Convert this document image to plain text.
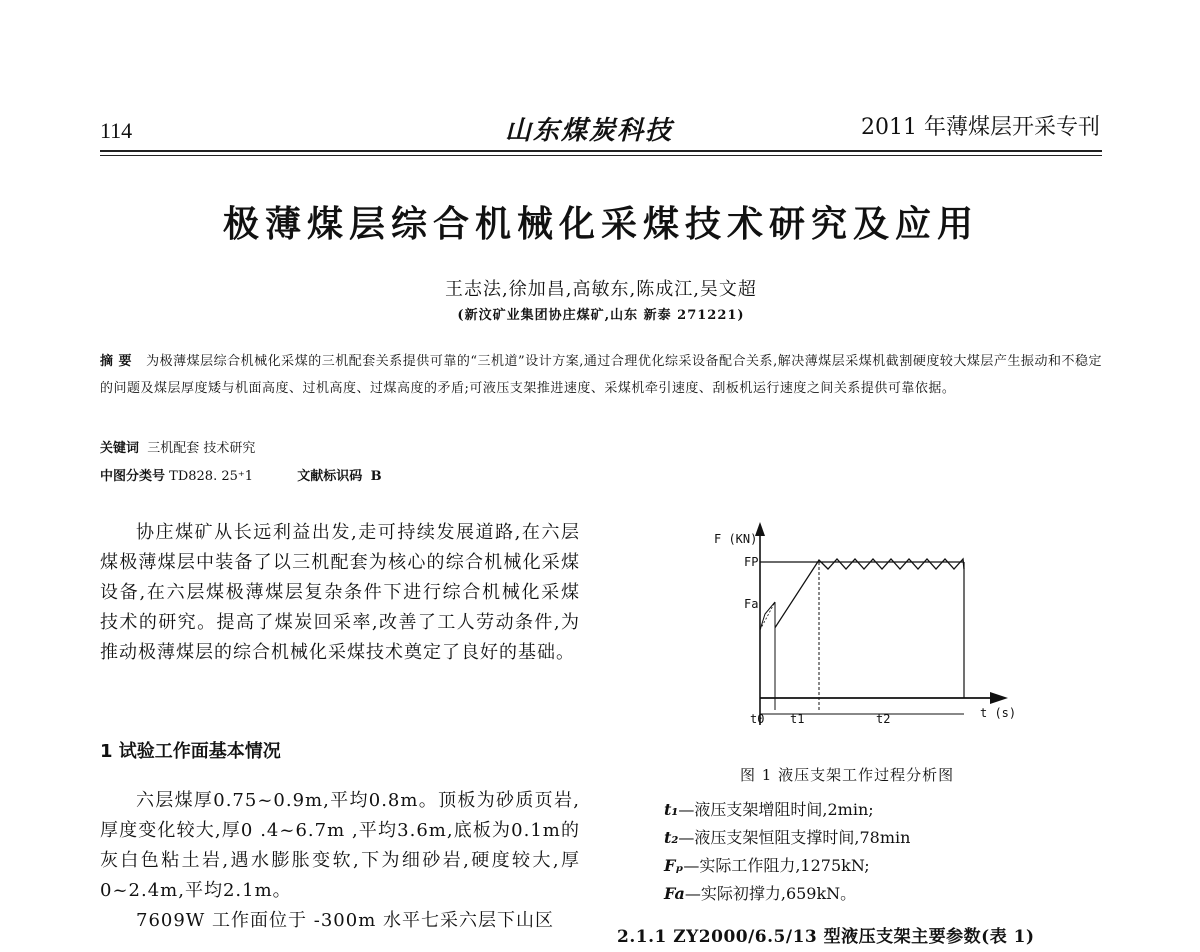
114	山东煤炭科技	2011 年薄煤层开采专刊
极薄煤层综合机械化采煤技术研究及应用
王志法,徐加昌,高敏东,陈成江,吴文超
(新汶矿业集团协庄煤矿,山东 新泰 271221)
摘 要 为极薄煤层综合机械化采煤的三机配套关系提供可靠的“三机道”设计方案,通过合理优化综采设备配合关系,解决薄煤层采煤机截割硬度较大煤层产生振动和不稳定的问题及煤层厚度矮与机面高度、过机高度、过煤高度的矛盾;可液压支架推进速度、采煤机牵引速度、刮板机运行速度之间关系提供可靠依据。
关键词 三机配套 技术研究
中图分类号 TD828. 25⁺1	文献标识码 B

协庄煤矿从长远利益出发,走可持续发展道路,在六层煤极薄煤层中装备了以三机配套为核心的综合机械化采煤设备,在六层煤极薄煤层复杂条件下进行综合机械化采煤技术的研究。提高了煤炭回采率,改善了工人劳动条件,为推动极薄煤层的综合机械化采煤技术奠定了良好的基础。

1 试验工作面基本情况

六层煤厚0.75~0.9m,平均0.8m。顶板为砂质页岩,厚度变化较大,厚0 .4~6.7m ,平均3.6m,底板为0.1m的灰白色粘土岩,遇水膨胀变软,下为细砂岩,硬度较大,厚0~2.4m,平均2.1m。

7609W 工作面位于 -300m 水平七采六层下山区

F (KN)
FP
Fa
t (s)
t0 t1	t2
图 1 液压支架工作过程分析图
t₁—液压支架增阻时间,2min;
t₂—液压支架恒阻支撑时间,78min
Fₚ—实际工作阻力,1275kN;
Fa—实际初撑力,659kN。
2.1.1 ZY2000/6.5/13 型液压支架主要参数(表 1)
